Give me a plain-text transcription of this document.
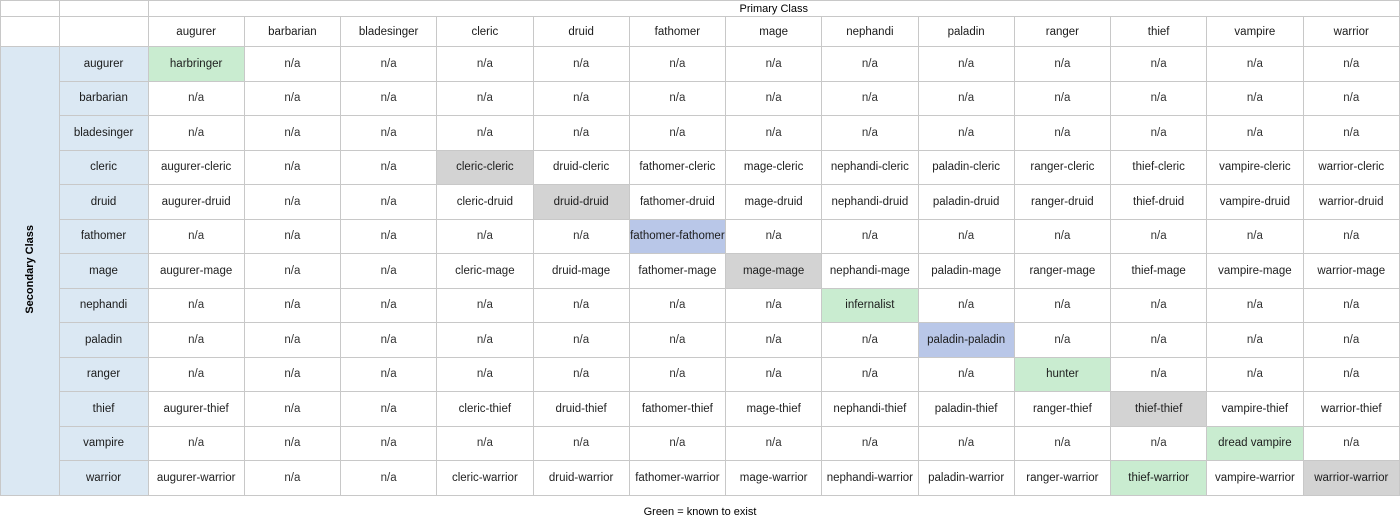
		Primary Class												
		augurer	barbarian	bladesinger	cleric	druid	fathomer	mage	nephandi	paladin	ranger	thief	vampire	warrior
Secondary Class	augurer	harbringer	n/a	n/a	n/a	n/a	n/a	n/a	n/a	n/a	n/a	n/a	n/a	n/a
	barbarian	n/a	n/a	n/a	n/a	n/a	n/a	n/a	n/a	n/a	n/a	n/a	n/a	n/a
	bladesinger	n/a	n/a	n/a	n/a	n/a	n/a	n/a	n/a	n/a	n/a	n/a	n/a	n/a
	cleric	augurer-cleric	n/a	n/a	cleric-cleric	druid-cleric	fathomer-cleric	mage-cleric	nephandi-cleric	paladin-cleric	ranger-cleric	thief-cleric	vampire-cleric	warrior-cleric
	druid	augurer-druid	n/a	n/a	cleric-druid	druid-druid	fathomer-druid	mage-druid	nephandi-druid	paladin-druid	ranger-druid	thief-druid	vampire-druid	warrior-druid
	fathomer	n/a	n/a	n/a	n/a	n/a	fathomer-fathomer	n/a	n/a	n/a	n/a	n/a	n/a	n/a
	mage	augurer-mage	n/a	n/a	cleric-mage	druid-mage	fathomer-mage	mage-mage	nephandi-mage	paladin-mage	ranger-mage	thief-mage	vampire-mage	warrior-mage
	nephandi	n/a	n/a	n/a	n/a	n/a	n/a	n/a	infernalist	n/a	n/a	n/a	n/a	n/a
	paladin	n/a	n/a	n/a	n/a	n/a	n/a	n/a	n/a	paladin-paladin	n/a	n/a	n/a	n/a
	ranger	n/a	n/a	n/a	n/a	n/a	n/a	n/a	n/a	n/a	hunter	n/a	n/a	n/a
	thief	augurer-thief	n/a	n/a	cleric-thief	druid-thief	fathomer-thief	mage-thief	nephandi-thief	paladin-thief	ranger-thief	thief-thief	vampire-thief	warrior-thief
	vampire	n/a	n/a	n/a	n/a	n/a	n/a	n/a	n/a	n/a	n/a	n/a	dread vampire	n/a
	warrior	augurer-warrior	n/a	n/a	cleric-warrior	druid-warrior	fathomer-warrior	mage-warrior	nephandi-warrior	paladin-warrior	ranger-warrior	thief-warrior	vampire-warrior	warrior-warrior
Green = known to exist
